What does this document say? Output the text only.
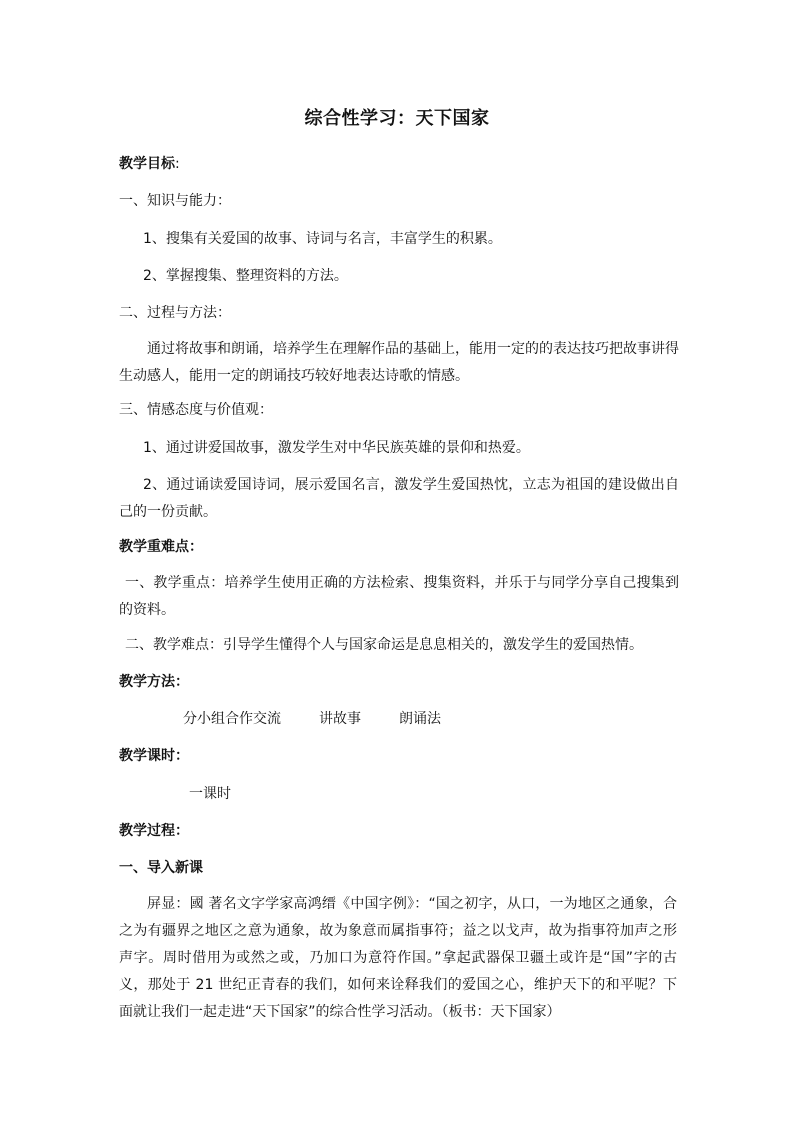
综合性学习：天下国家
教学目标:
一、知识与能力：
1、搜集有关爱国的故事、诗词与名言，丰富学生的积累。
2、掌握搜集、整理资料的方法。
二、过程与方法：
通过将故事和朗诵，培养学生在理解作品的基础上，能用一定的的表达技巧把故事讲得生动感人，能用一定的朗诵技巧较好地表达诗歌的情感。
三、情感态度与价值观：
1、通过讲爱国故事，激发学生对中华民族英雄的景仰和热爱。
2、通过诵读爱国诗词，展示爱国名言，激发学生爱国热忱，立志为祖国的建设做出自己的一份贡献。
教学重难点：
一、教学重点：培养学生使用正确的方法检索、搜集资料，并乐于与同学分享自己搜集到的资料。
二、教学难点：引导学生懂得个人与国家命运是息息相关的，激发学生的爱国热情。
教学方法：
分小组合作交流	讲故事	朗诵法
教学课时：
一课时
教学过程：
一、导入新课
屏显：國 著名文字学家高鸿缙《中国字例》：“国之初字，从口，一为地区之通象，合之为有疆界之地区之意为通象，故为象意而属指事符；益之以戈声，故为指事符加声之形声字。周时借用为或然之或，乃加口为意符作国。”拿起武器保卫疆土或许是“国”字的古义，那处于 21 世纪正青春的我们，如何来诠释我们的爱国之心，维护天下的和平呢？下面就让我们一起走进“天下国家”的综合性学习活动。（板书：天下国家）
